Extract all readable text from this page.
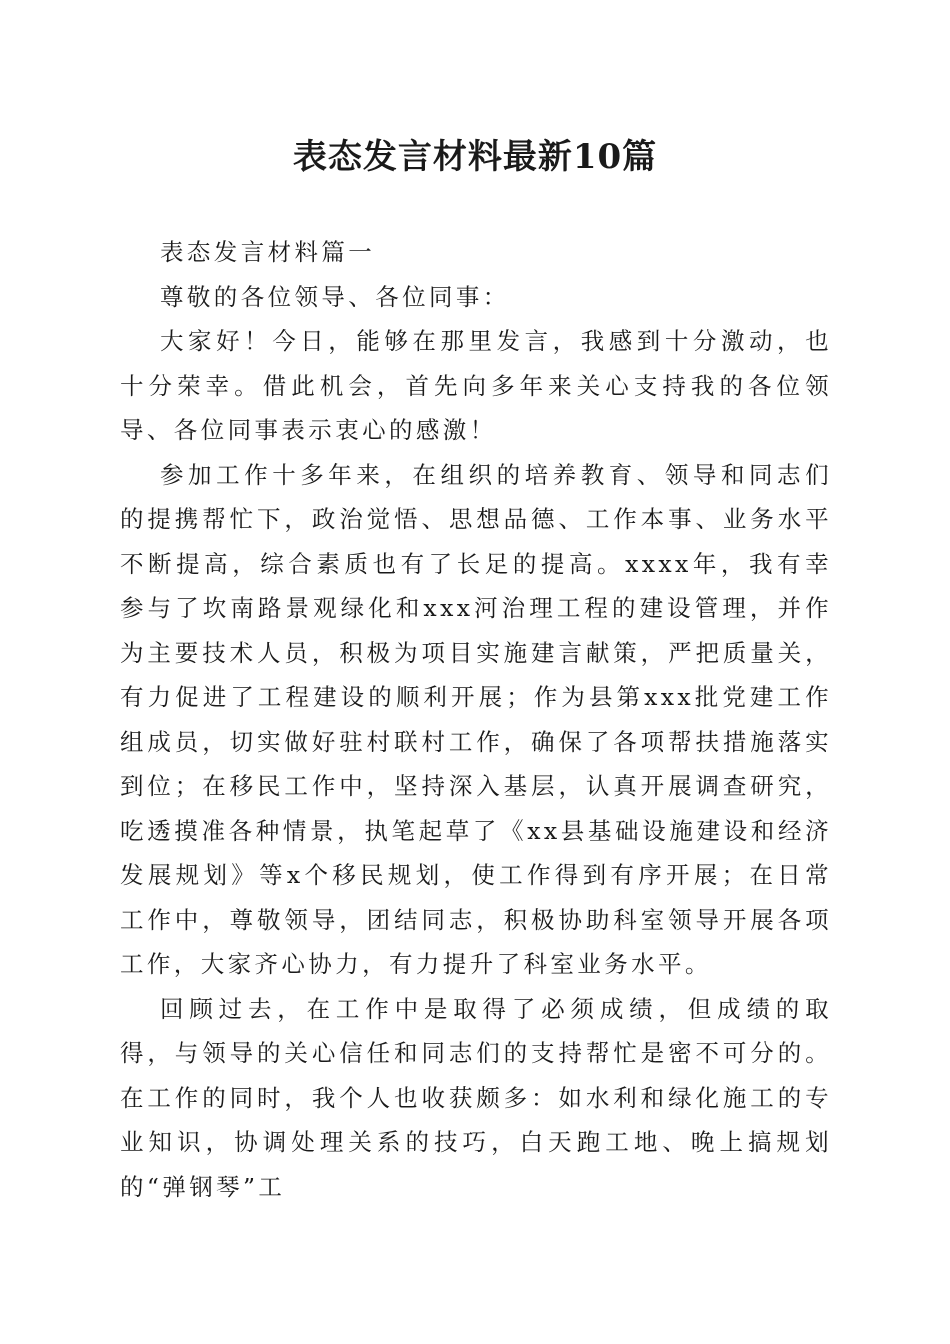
表态发言材料最新10篇

表态发言材料篇一

尊敬的各位领导、各位同事：

大家好！今日，能够在那里发言，我感到十分激动，也十分荣幸。借此机会，首先向多年来关心支持我的各位领导、各位同事表示衷心的感激！

参加工作十多年来，在组织的培养教育、领导和同志们的提携帮忙下，政治觉悟、思想品德、工作本事、业务水平不断提高，综合素质也有了长足的提高。xxxx年，我有幸参与了坎南路景观绿化和xxx河治理工程的建设管理，并作为主要技术人员，积极为项目实施建言献策，严把质量关，有力促进了工程建设的顺利开展；作为县第xxx批党建工作组成员，切实做好驻村联村工作，确保了各项帮扶措施落实到位；在移民工作中，坚持深入基层，认真开展调查研究，吃透摸准各种情景，执笔起草了《xx县基础设施建设和经济发展规划》等x个移民规划，使工作得到有序开展；在日常工作中，尊敬领导，团结同志，积极协助科室领导开展各项工作，大家齐心协力，有力提升了科室业务水平。

回顾过去，在工作中是取得了必须成绩，但成绩的取得，与领导的关心信任和同志们的支持帮忙是密不可分的。在工作的同时，我个人也收获颇多：如水利和绿化施工的专业知识，协调处理关系的技巧，白天跑工地、晚上搞规划的“弹钢琴”工
